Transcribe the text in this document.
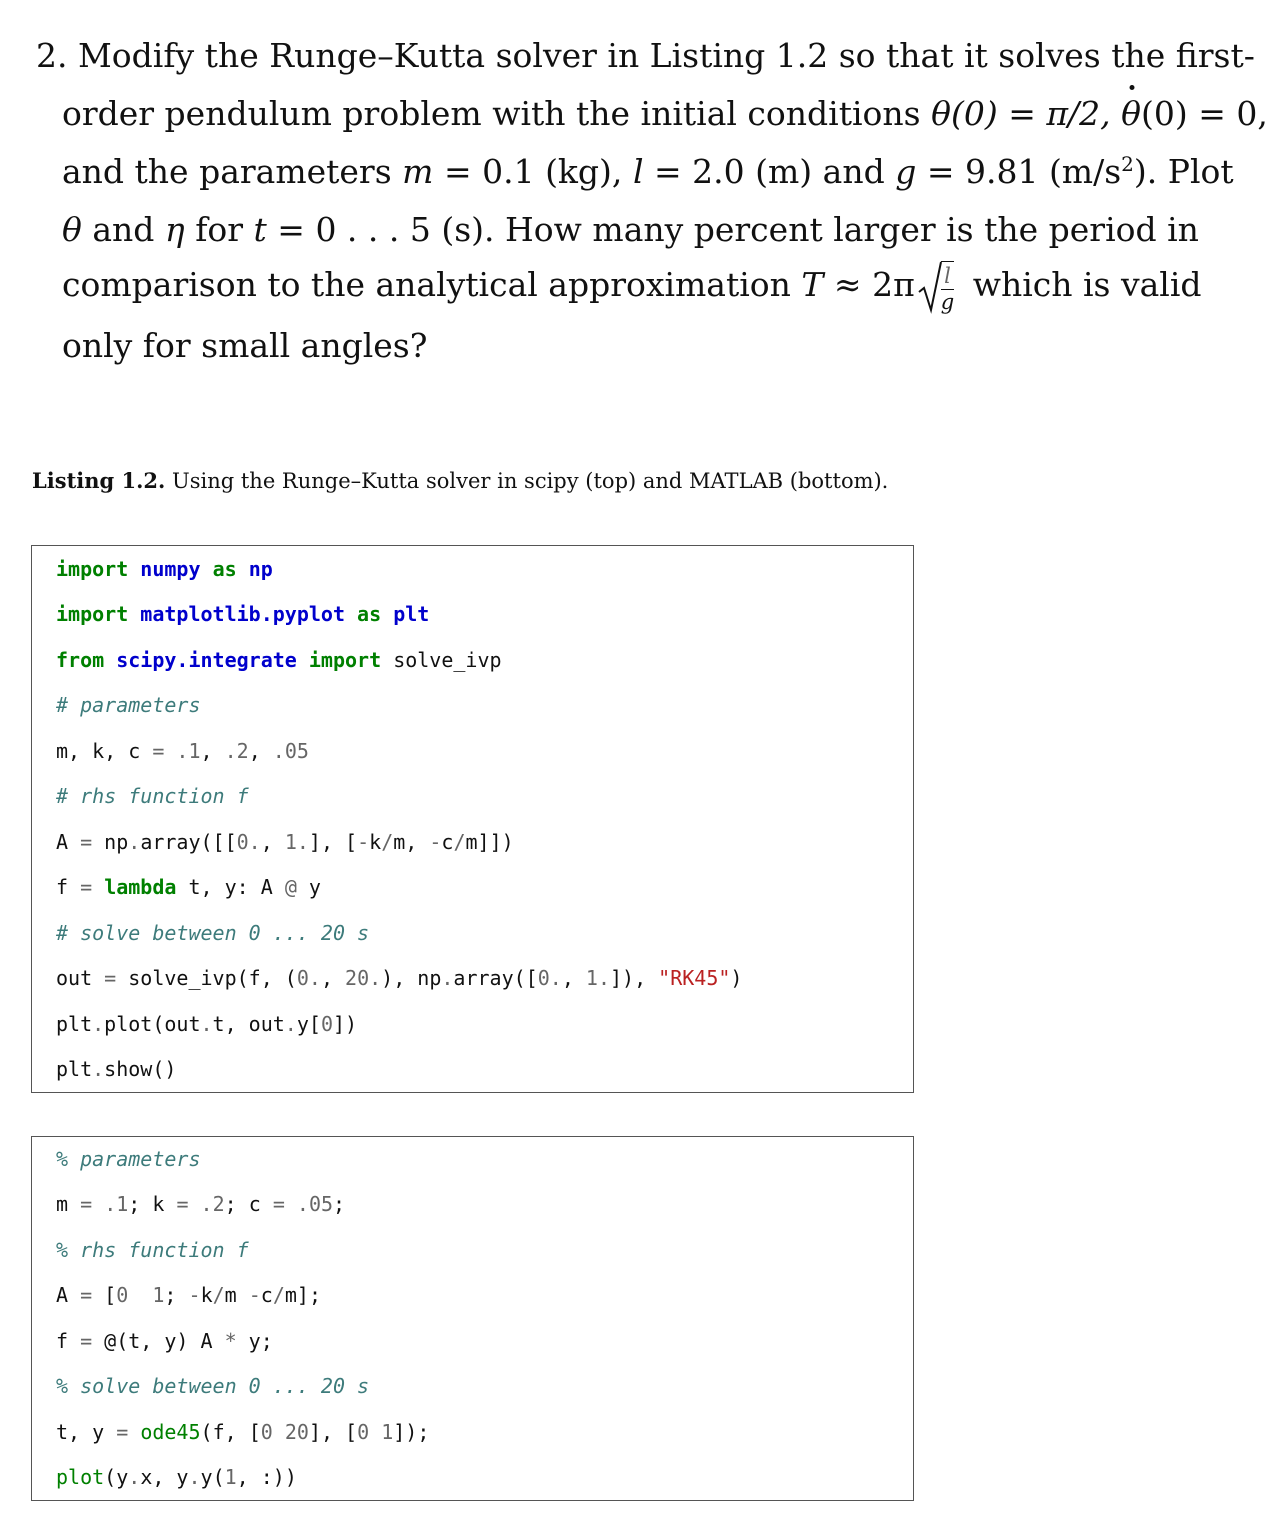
2. Modify the Runge–Kutta solver in Listing 1.2 so that it solves the first-
order pendulum problem with the initial conditions θ(0) = π/2, θ(0) = 0,
and the parameters m = 0.1 (kg), l = 2.0 (m) and g = 9.81 $(m/s^2)$. Plot
θ and η for t = 0 . . . 5 (s). How many percent larger is the period in
comparison to the analytical approximation $T \approx 2\pi \frac{l}{g}$ which is valid
only for small angles?
Listing 1.2. Using the Runge–Kutta solver in scipy (top) and MATLAB (bottom).
import numpy as np
import matplotlib.pyplot as plt
from scipy.integrate import solve_ivp
# parameters
m, k, c = .1, .2, .05
# rhs function f
A = np.array([[0., 1.], [-k/m, -c/m]])
f = lambda t, y: A @ y
# solve between 0 ... 20 s
out = solve_ivp(f, (0., 20.), np.array([0., 1.]), "RK45")
plt.plot(out.t, out.y[0])
plt.show()
% parameters
m = .1; k = .2; c = .05;
% rhs function f
A = [0 1; -k/m -c/m];
f = @(t, y) A * y;
% solve between 0 ... 20 s
t, y = ode45(f, [0 20], [0 1]);
plot(y.x, y.y(1, :))
